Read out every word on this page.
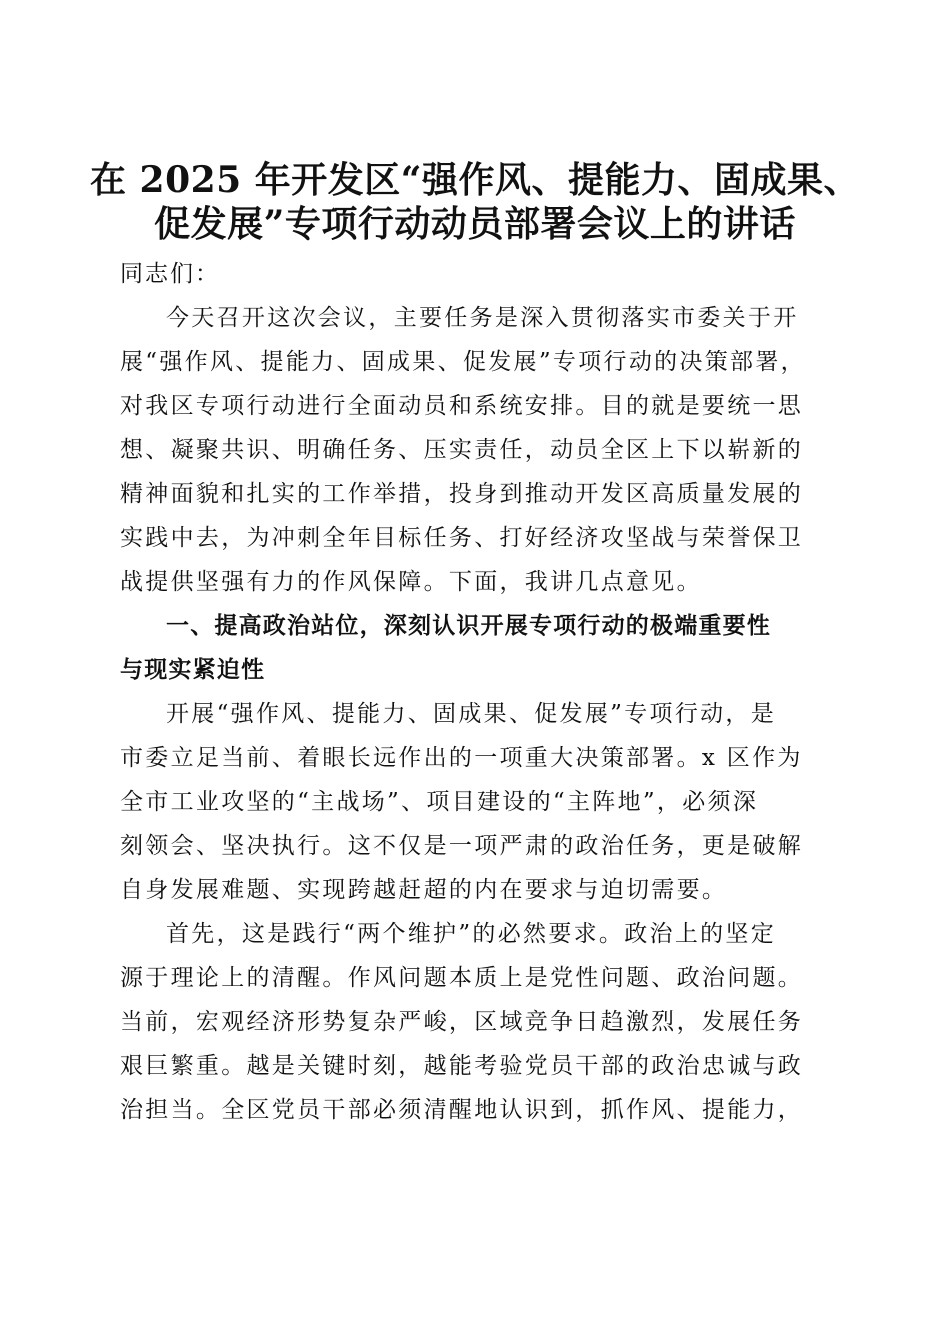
在 2025 年开发区“强作风、提能力、固成果、
促发展”专项行动动员部署会议上的讲话

同志们：

今天召开这次会议，主要任务是深入贯彻落实市委关于开
展“强作风、提能力、固成果、促发展”专项行动的决策部署，
对我区专项行动进行全面动员和系统安排。目的就是要统一思
想、凝聚共识、明确任务、压实责任，动员全区上下以崭新的
精神面貌和扎实的工作举措，投身到推动开发区高质量发展的
实践中去，为冲刺全年目标任务、打好经济攻坚战与荣誉保卫
战提供坚强有力的作风保障。下面，我讲几点意见。

一、提高政治站位，深刻认识开展专项行动的极端重要性
与现实紧迫性

开展“强作风、提能力、固成果、促发展”专项行动，是
市委立足当前、着眼长远作出的一项重大决策部署。x 区作为
全市工业攻坚的“主战场”、项目建设的“主阵地”，必须深
刻领会、坚决执行。这不仅是一项严肃的政治任务，更是破解
自身发展难题、实现跨越赶超的内在要求与迫切需要。

首先，这是践行“两个维护”的必然要求。政治上的坚定
源于理论上的清醒。作风问题本质上是党性问题、政治问题。
当前，宏观经济形势复杂严峻，区域竞争日趋激烈，发展任务
艰巨繁重。越是关键时刻，越能考验党员干部的政治忠诚与政
治担当。全区党员干部必须清醒地认识到，抓作风、提能力，
